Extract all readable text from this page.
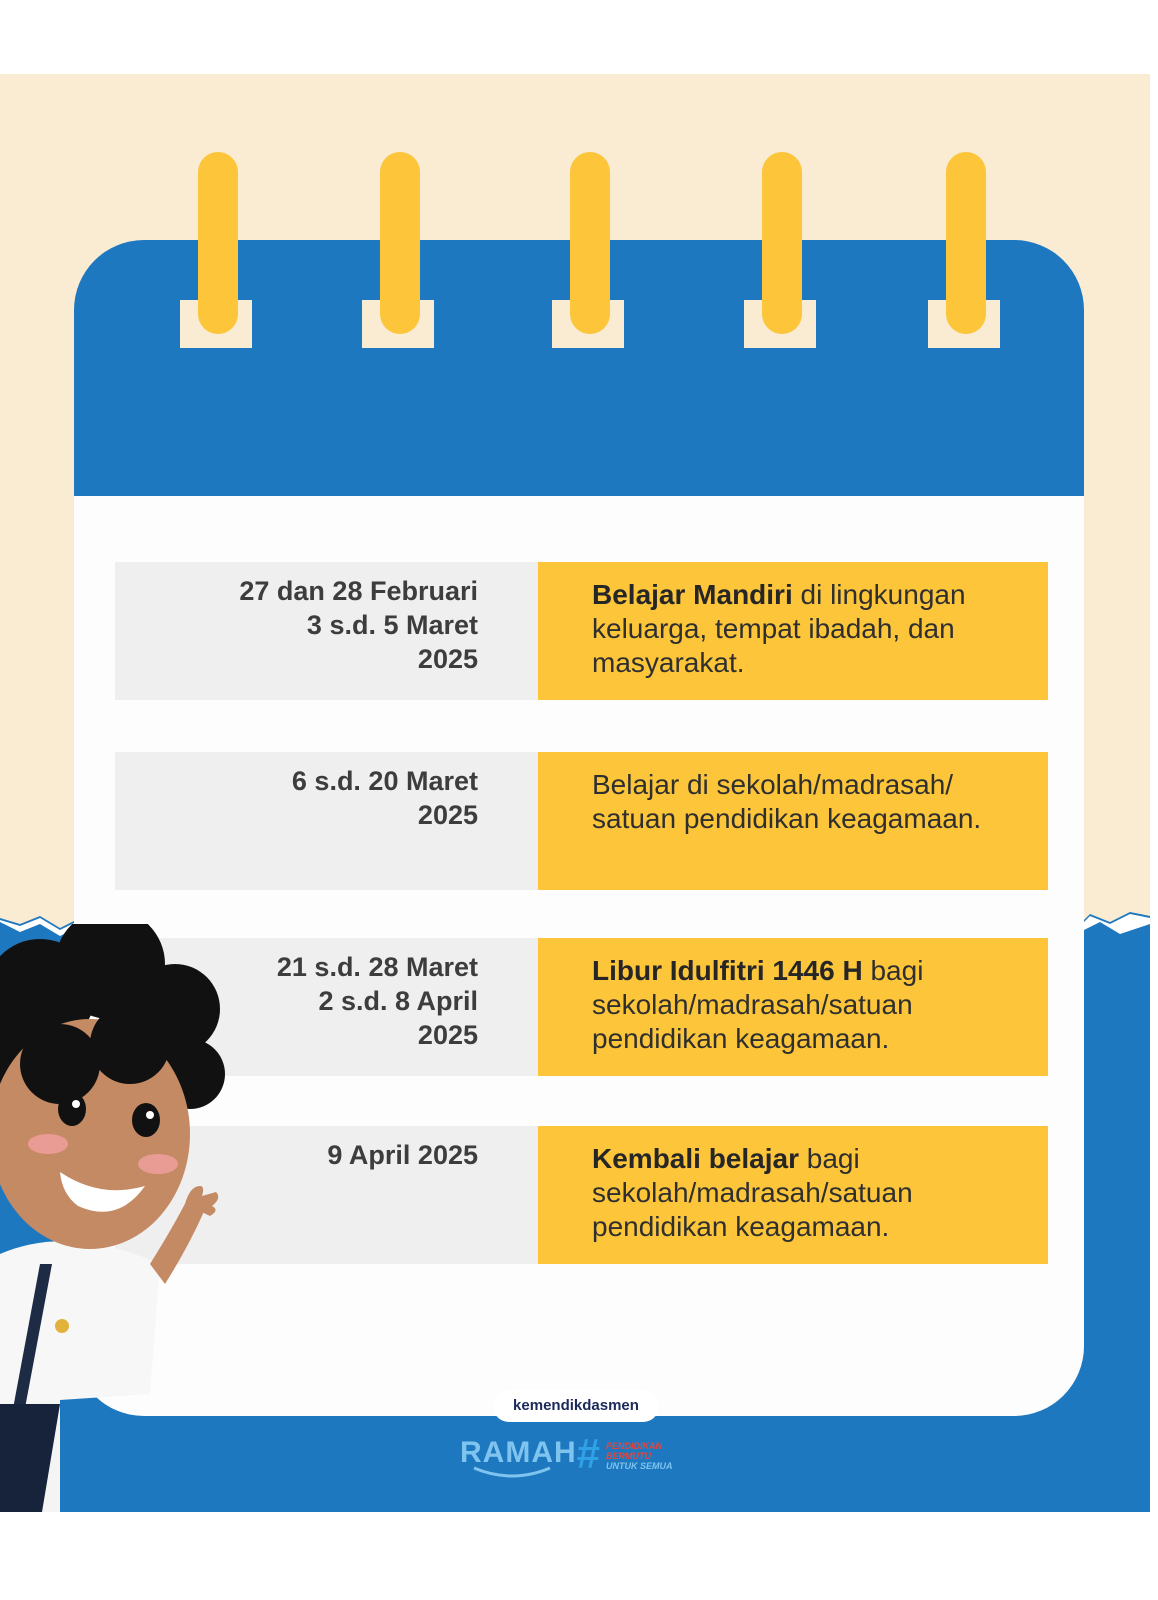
27 dan 28 Februari
3 s.d. 5 Maret
2025
Belajar Mandiri di lingkungan keluarga, tempat ibadah, dan masyarakat.
6 s.d. 20 Maret
2025
Belajar di sekolah/madrasah/ satuan pendidikan keagamaan.
21 s.d. 28 Maret
2 s.d. 8 April
2025
Libur Idulfitri 1446 H bagi sekolah/madrasah/satuan pendidikan keagamaan.
9 April 2025	Kembali belajar bagi sekolah/madrasah/satuan pendidikan keagamaan.
kemendikdasmen
RAMAH # PENDIDIKAN
BERMUTU
UNTUK SEMUA
